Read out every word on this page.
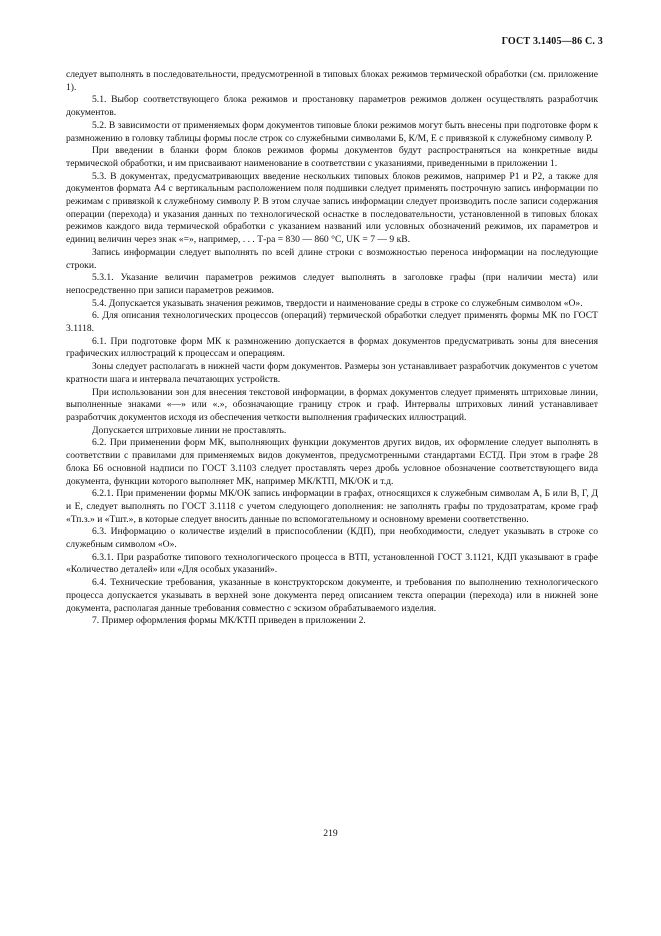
ГОСТ 3.1405—86 С. 3

следует выполнять в последовательности, предусмотренной в типовых блоках режимов термической обработки (см. приложение 1).

5.1. Выбор соответствующего блока режимов и простановку параметров режимов должен осуществлять разработчик документов.

5.2. В зависимости от применяемых форм документов типовые блоки режимов могут быть внесены при подготовке форм к размножению в головку таблицы формы после строк со служебными символами Б, К/М, Е с привязкой к служебному символу Р.

При введении в бланки форм блоков режимов формы документов будут распространяться на конкретные виды термической обработки, и им присваивают наименование в соответствии с указаниями, приведенными в приложении 1.

5.3. В документах, предусматривающих введение нескольких типовых блоков режимов, например Р1 и Р2, а также для документов формата А4 с вертикальным расположением поля подшивки следует применять построчную запись информации по режимам с привязкой к служебному символу Р. В этом случае запись информации следует производить после записи содержания операции (перехода) и указания данных по технологической оснастке в последовательности, установленной в типовых блоках режимов каждого вида термической обработки с указанием названий или условных обозначений режимов, их параметров и единиц величин через знак «=», например, . . . Т-ра = 830 — 860 °С, UK = 7 — 9 кВ.

Запись информации следует выполнять по всей длине строки с возможностью переноса информации на последующие строки.

5.3.1. Указание величин параметров режимов следует выполнять в заголовке графы (при наличии места) или непосредственно при записи параметров режимов.

5.4. Допускается указывать значения режимов, твердости и наименование среды в строке со служебным символом «О».

6. Для описания технологических процессов (операций) термической обработки следует применять формы МК по ГОСТ 3.1118.

6.1. При подготовке форм МК к размножению допускается в формах документов предусматривать зоны для внесения графических иллюстраций к процессам и операциям.

Зоны следует располагать в нижней части форм документов. Размеры зон устанавливает разработчик документов с учетом кратности шага и интервала печатающих устройств.

При использовании зон для внесения текстовой информации, в формах документов следует применять штриховые линии, выполненные знаками «—» или «.», обозначающие границу строк и граф. Интервалы штриховых линий устанавливает разработчик документов исходя из обеспечения четкости выполнения графических иллюстраций.

Допускается штриховые линии не проставлять.

6.2. При применении форм МК, выполняющих функции документов других видов, их оформление следует выполнять в соответствии с правилами для применяемых видов документов, предусмотренными стандартами ЕСТД. При этом в графе 28 блока Б6 основной надписи по ГОСТ 3.1103 следует проставлять через дробь условное обозначение соответствующего вида документа, функции которого выполняет МК, например МК/КТП, МК/ОК и т.д.

6.2.1. При применении формы МК/ОК запись информации в графах, относящихся к служебным символам А, Б или В, Г, Д и Е, следует выполнять по ГОСТ 3.1118 с учетом следующего дополнения: не заполнять графы по трудозатратам, кроме граф «Тп.з.» и «Тшт.», в которые следует вносить данные по вспомогательному и основному времени соответственно.

6.3. Информацию о количестве изделий в приспособлении (КДП), при необходимости, следует указывать в строке со служебным символом «О».

6.3.1. При разработке типового технологического процесса в ВТП, установленной ГОСТ 3.1121, КДП указывают в графе «Количество деталей» или «Для особых указаний».

6.4. Технические требования, указанные в конструкторском документе, и требования по выполнению технологического процесса допускается указывать в верхней зоне документа перед описанием текста операции (перехода) или в нижней зоне документа, располагая данные требования совместно с эскизом обрабатываемого изделия.

7. Пример оформления формы МК/КТП приведен в приложении 2.

219
